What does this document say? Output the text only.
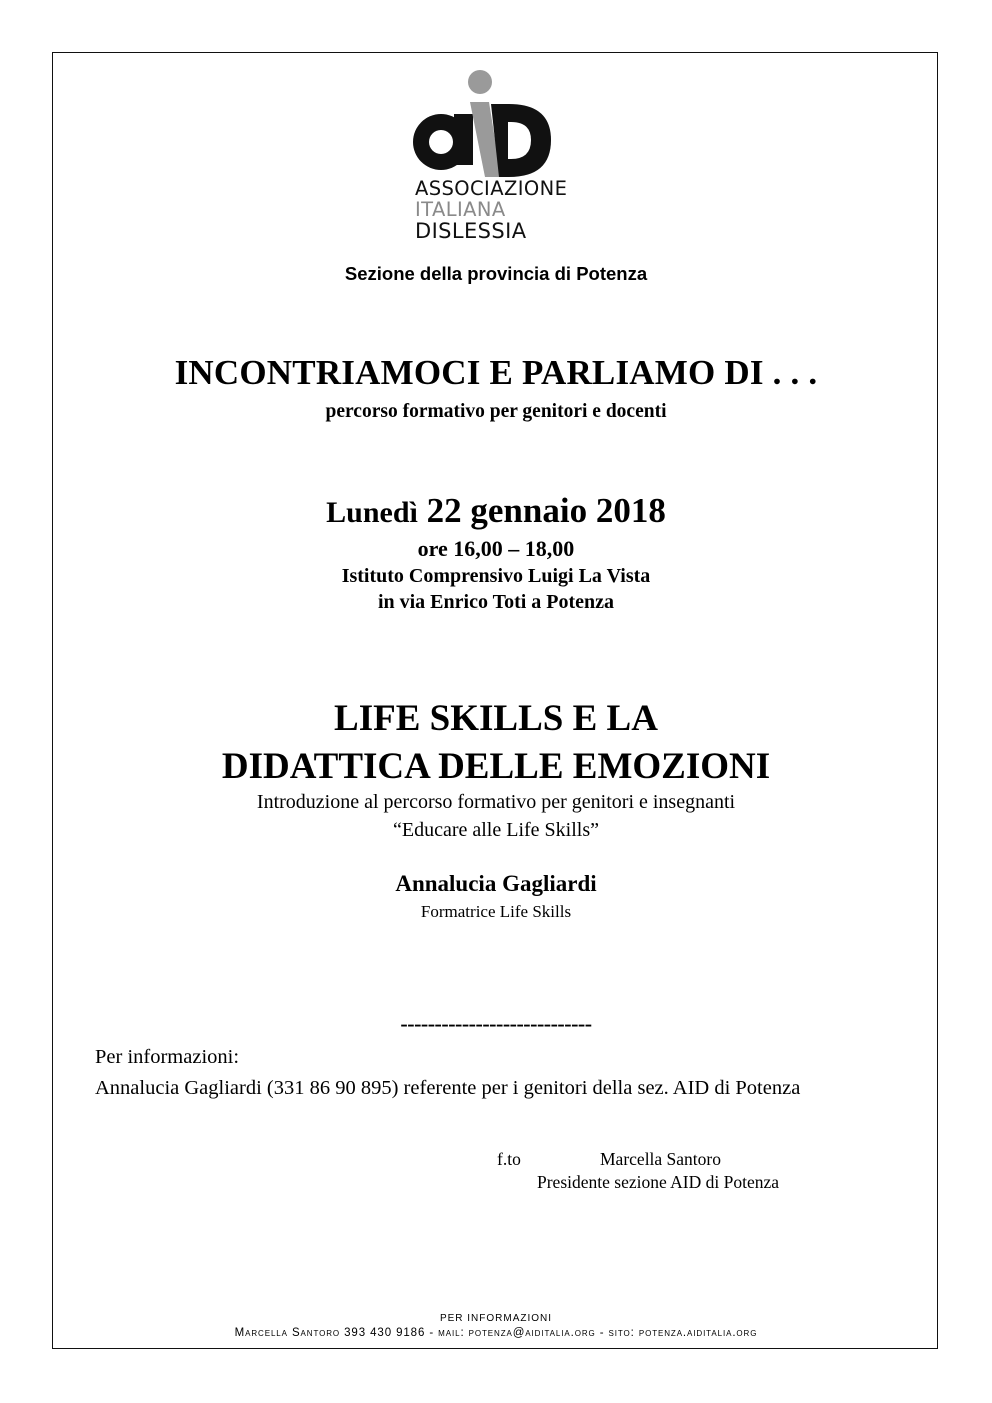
ASSOCIAZIONE
ITALIANA
DISLESSIA
Sezione della provincia di Potenza
INCONTRIAMOCI E PARLIAMO DI . . .
percorso formativo per genitori e docenti
Lunedì 22 gennaio 2018
ore 16,00 – 18,00
Istituto Comprensivo Luigi La Vista
in via Enrico Toti a Potenza
LIFE SKILLS E LA
DIDATTICA DELLE EMOZIONI
Introduzione al percorso formativo per genitori e insegnanti
“Educare alle Life Skills”
Annalucia Gagliardi
Formatrice Life Skills
----------------------------
Per informazioni:
Annalucia Gagliardi (331 86 90 895) referente per i genitori della sez. AID di Potenza
f.to	Marcella Santoro
Presidente sezione AID di Potenza
PER INFORMAZIONI
Marcella Santoro 393 430 9186 - mail: potenza@aiditalia.org - sito: potenza.aiditalia.org
